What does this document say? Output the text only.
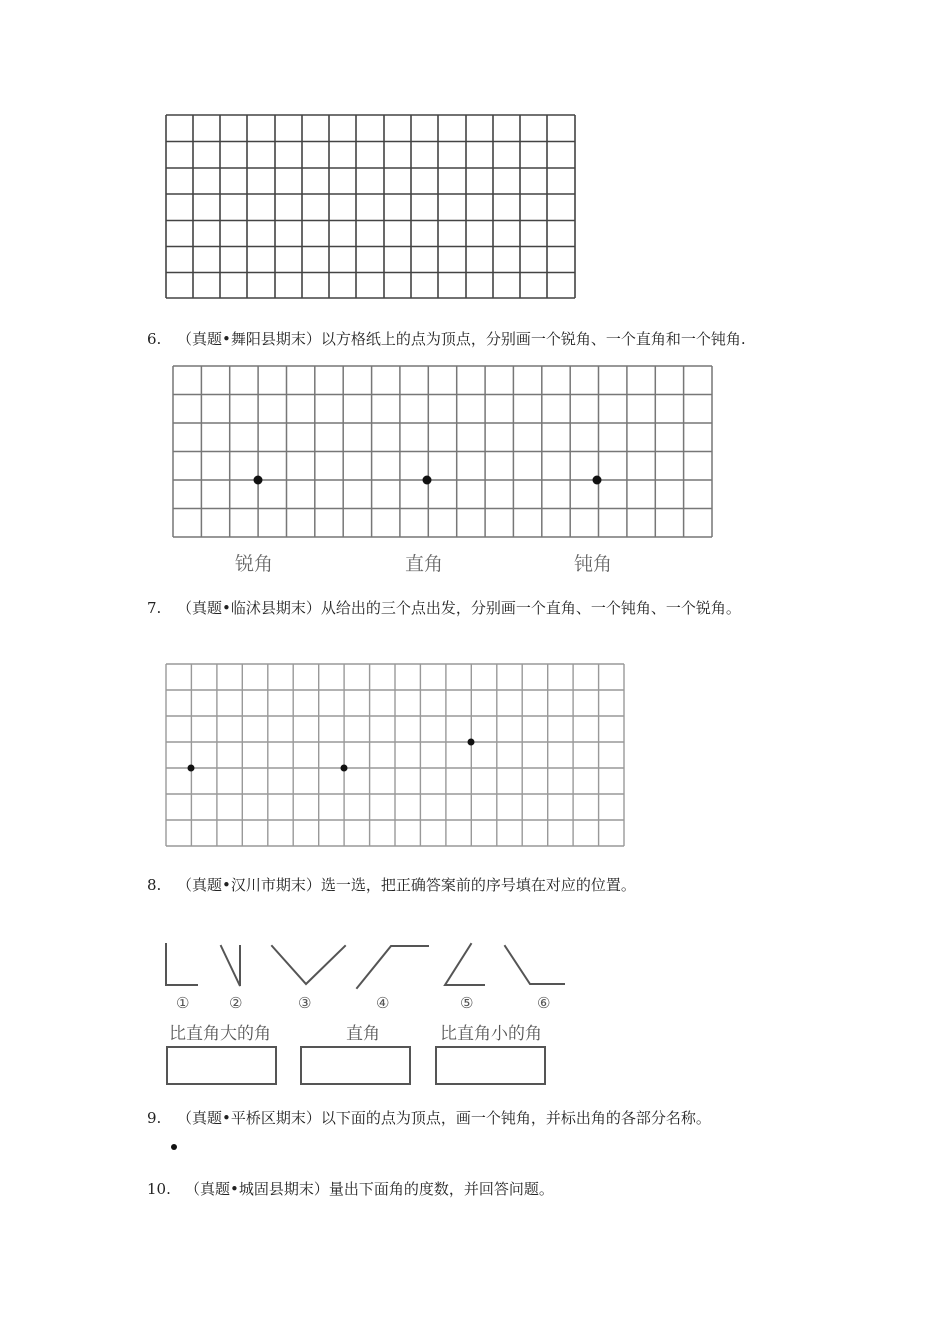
6. （真题•舞阳县期末）以方格纸上的点为顶点，分别画一个锐角、一个直角和一个钝角.
锐角	直角	钝角
7. （真题•临沭县期末）从给出的三个点出发，分别画一个直角、一个钝角、一个锐角。
8. （真题•汉川市期末）选一选，把正确答案前的序号填在对应的位置。
①	②	③	④	⑤	⑥
比直角大的角	直角	比直角小的角
9. （真题•平桥区期末）以下面的点为顶点，画一个钝角，并标出角的各部分名称。
10. （真题•城固县期末）量出下面角的度数，并回答问题。
